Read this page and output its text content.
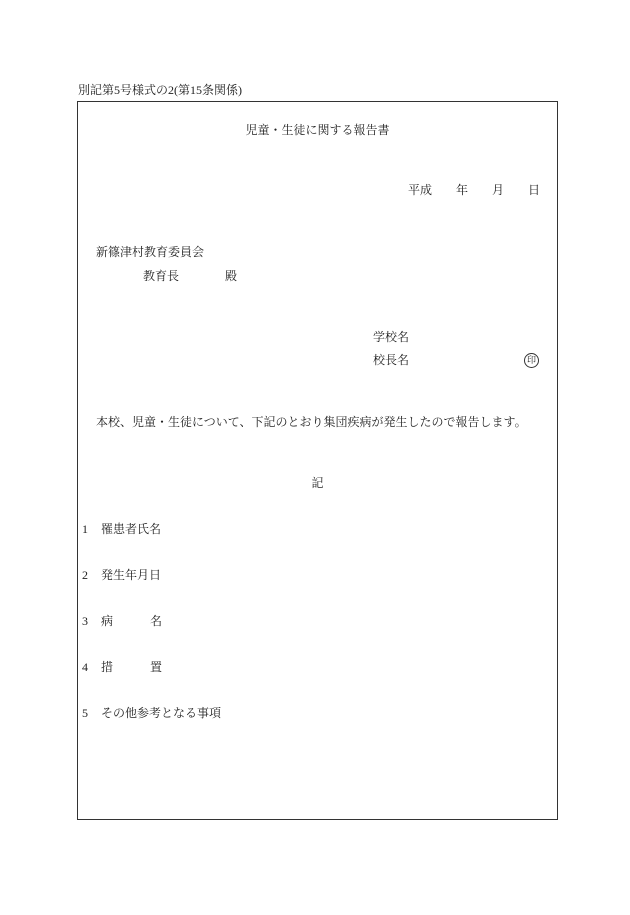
別記第5号様式の2(第15条関係)
児童・生徒に関する報告書
平成 年 月 日
新篠津村教育委員会
教育長	殿
学校名
校長名	印
本校、児童・生徒について、下記のとおり集団疾病が発生したので報告します。
記
1 罹患者氏名
2 発生年月日
3 病	名
4 措	置
5 その他参考となる事項
